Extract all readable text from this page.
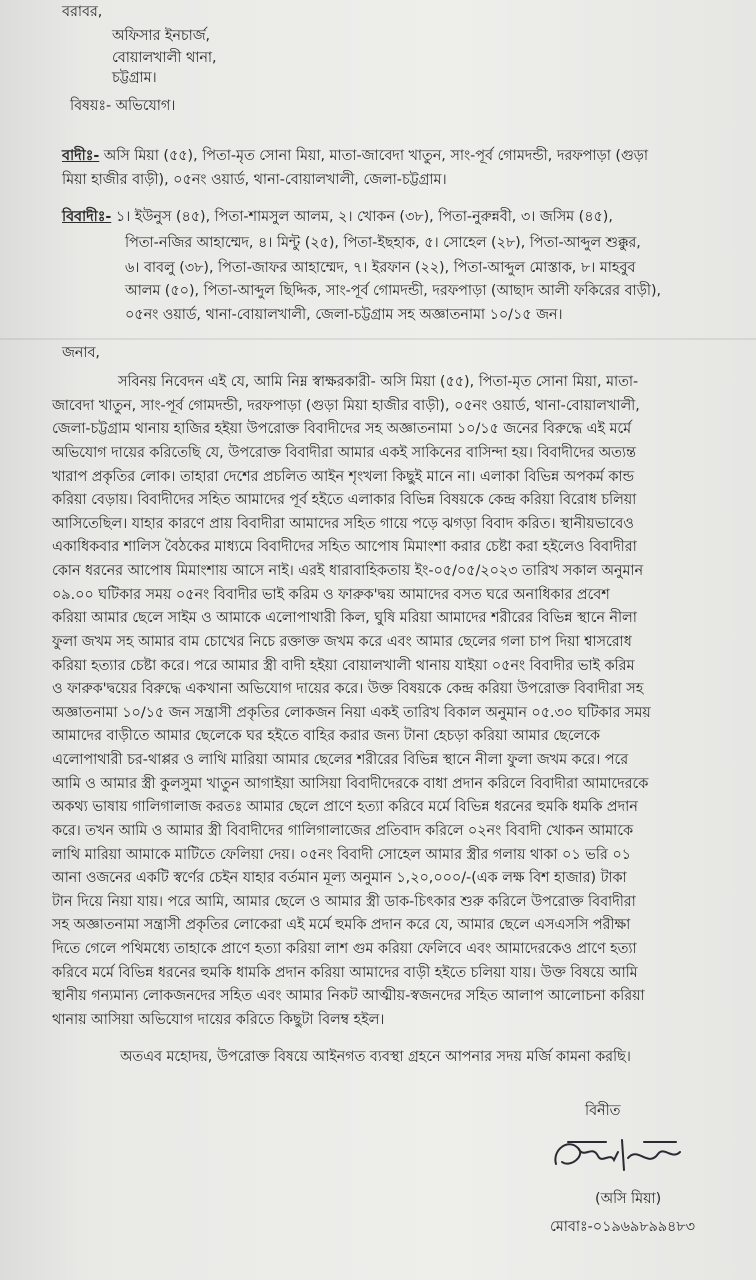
বরাবর,
অফিসার ইনচার্জ,
বোয়ালখালী থানা,
চট্টগ্রাম।
বিষয়ঃ- অভিযোগ।
বাদীঃ- অসি মিয়া (৫৫), পিতা-মৃত সোনা মিয়া, মাতা-জাবেদা খাতুন, সাং-পূর্ব গোমদন্ডী, দরফপাড়া (গুড়া
মিয়া হাজীর বাড়ী), ০৫নং ওয়ার্ড, থানা-বোয়ালখালী, জেলা-চট্টগ্রাম।
বিবাদীঃ- ১। ইউনুস (৪৫), পিতা-শামসুল আলম, ২। খোকন (৩৮), পিতা-নুরুন্নবী, ৩। জসিম (৪৫),
পিতা-নজির আহাম্মেদ, ৪। মিন্টু (২৫), পিতা-ইছহাক, ৫। সোহেল (২৮), পিতা-আব্দুল শুক্কুর,
৬। বাবলু (৩৮), পিতা-জাফর আহাম্মেদ, ৭। ইরফান (২২), পিতা-আব্দুল মোস্তাক, ৮। মাহবুব
আলম (৫০), পিতা-আব্দুল ছিদ্দিক, সাং-পূর্ব গোমদন্ডী, দরফপাড়া (আছাদ আলী ফকিরের বাড়ী),
০৫নং ওয়ার্ড, থানা-বোয়ালখালী, জেলা-চট্টগ্রাম সহ অজ্ঞাতনামা ১০/১৫ জন।
জনাব,
সবিনয় নিবেদন এই যে, আমি নিম্ন স্বাক্ষরকারী- অসি মিয়া (৫৫), পিতা-মৃত সোনা মিয়া, মাতা-
জাবেদা খাতুন, সাং-পূর্ব গোমদন্ডী, দরফপাড়া (গুড়া মিয়া হাজীর বাড়ী), ০৫নং ওয়ার্ড, থানা-বোয়ালখালী,
জেলা-চট্টগ্রাম থানায় হাজির হইয়া উপরোক্ত বিবাদীদের সহ অজ্ঞাতনামা ১০/১৫ জনের বিরুদ্ধে এই মর্মে
অভিযোগ দায়ের করিতেছি যে, উপরোক্ত বিবাদীরা আমার একই সাকিনের বাসিন্দা হয়। বিবাদীদের অত্যন্ত
খারাপ প্রকৃতির লোক। তাহারা দেশের প্রচলিত আইন শৃংখলা কিছুই মানে না। এলাকা বিভিন্ন অপকর্ম কান্ড
করিয়া বেড়ায়। বিবাদীদের সহিত আমাদের পূর্ব হইতে এলাকার বিভিন্ন বিষয়কে কেন্দ্র করিয়া বিরোধ চলিয়া
আসিতেছিল। যাহার কারণে প্রায় বিবাদীরা আমাদের সহিত গায়ে পড়ে ঝগড়া বিবাদ করিত। স্থানীয়ভাবেও
একাধিকবার শালিস বৈঠকের মাধ্যমে বিবাদীদের সহিত আপোষ মিমাংশা করার চেষ্টা করা হইলেও বিবাদীরা
কোন ধরনের আপোষ মিমাংশায় আসে নাই। এরই ধারাবাহিকতায় ইং-০৫/০৫/২০২৩ তারিখ সকাল অনুমান
০৯.০০ ঘটিকার সময় ০৫নং বিবাদীর ভাই করিম ও ফারুক'দ্বয় আমাদের বসত ঘরে অনাধিকার প্রবেশ
করিয়া আমার ছেলে সাইম ও আমাকে এলোপাথারী কিল, ঘুষি মরিয়া আমাদের শরীরের বিভিন্ন স্থানে নীলা
ফুলা জখম সহ আমার বাম চোখের নিচে রক্তাক্ত জখম করে এবং আমার ছেলের গলা চাপ দিয়া শ্বাসরোধ
করিয়া হত্যার চেষ্টা করে। পরে আমার স্ত্রী বাদী হইয়া বোয়ালখালী থানায় যাইয়া ০৫নং বিবাদীর ভাই করিম
ও ফারুক'দ্বয়ের বিরুদ্ধে একখানা অভিযোগ দায়ের করে। উক্ত বিষয়কে কেন্দ্র করিয়া উপরোক্ত বিবাদীরা সহ
অজ্ঞাতনামা ১০/১৫ জন সন্ত্রাসী প্রকৃতির লোকজন নিয়া একই তারিখ বিকাল অনুমান ০৫.৩০ ঘটিকার সময়
আমাদের বাড়ীতে আমার ছেলেকে ঘর হইতে বাহির করার জন্য টানা হেচড়া করিয়া আমার ছেলেকে
এলোপাথারী চর-থাপ্পর ও লাথি মারিয়া আমার ছেলের শরীরের বিভিন্ন স্থানে নীলা ফুলা জখম করে। পরে
আমি ও আমার স্ত্রী কুলসুমা খাতুন আগাইয়া আসিয়া বিবাদীদেরকে বাধা প্রদান করিলে বিবাদীরা আমাদেরকে
অকথ্য ভাষায় গালিগালাজ করতঃ আমার ছেলে প্রাণে হত্যা করিবে মর্মে বিভিন্ন ধরনের হুমকি ধমকি প্রদান
করে। তখন আমি ও আমার স্ত্রী বিবাদীদের গালিগালাজের প্রতিবাদ করিলে ০২নং বিবাদী খোকন আমাকে
লাথি মারিয়া আমাকে মাটিতে ফেলিয়া দেয়। ০৫নং বিবাদী সোহেল আমার স্ত্রীর গলায় থাকা ০১ ভরি ০১
আনা ওজনের একটি স্বর্ণের চেইন যাহার বর্তমান মূল্য অনুমান ১,২০,০০০/-(এক লক্ষ বিশ হাজার) টাকা
টান দিয়ে নিয়া যায়। পরে আমি, আমার ছেলে ও আমার স্ত্রী ডাক-চিৎকার শুরু করিলে উপরোক্ত বিবাদীরা
সহ অজ্ঞাতনামা সন্ত্রাসী প্রকৃতির লোকেরা এই মর্মে হুমকি প্রদান করে যে, আমার ছেলে এসএসসি পরীক্ষা
দিতে গেলে পথিমধ্যে তাহাকে প্রাণে হত্যা করিয়া লাশ গুম করিয়া ফেলিবে এবং আমাদেরকেও প্রাণে হত্যা
করিবে মর্মে বিভিন্ন ধরনের হুমকি ধামকি প্রদান করিয়া আমাদের বাড়ী হইতে চলিয়া যায়। উক্ত বিষয়ে আমি
স্থানীয় গন্যমান্য লোকজনদের সহিত এবং আমার নিকট আত্মীয়-স্বজনদের সহিত আলাপ আলোচনা করিয়া
থানায় আসিয়া অভিযোগ দায়ের করিতে কিছুটা বিলম্ব হইল।
অতএব মহোদয়, উপরোক্ত বিষয়ে আইনগত ব্যবস্থা গ্রহনে আপনার সদয় মর্জি কামনা করছি।
বিনীত
(অসি মিয়া)
মোবাঃ-০১৯৬৯৮৯৯৪৮৩
